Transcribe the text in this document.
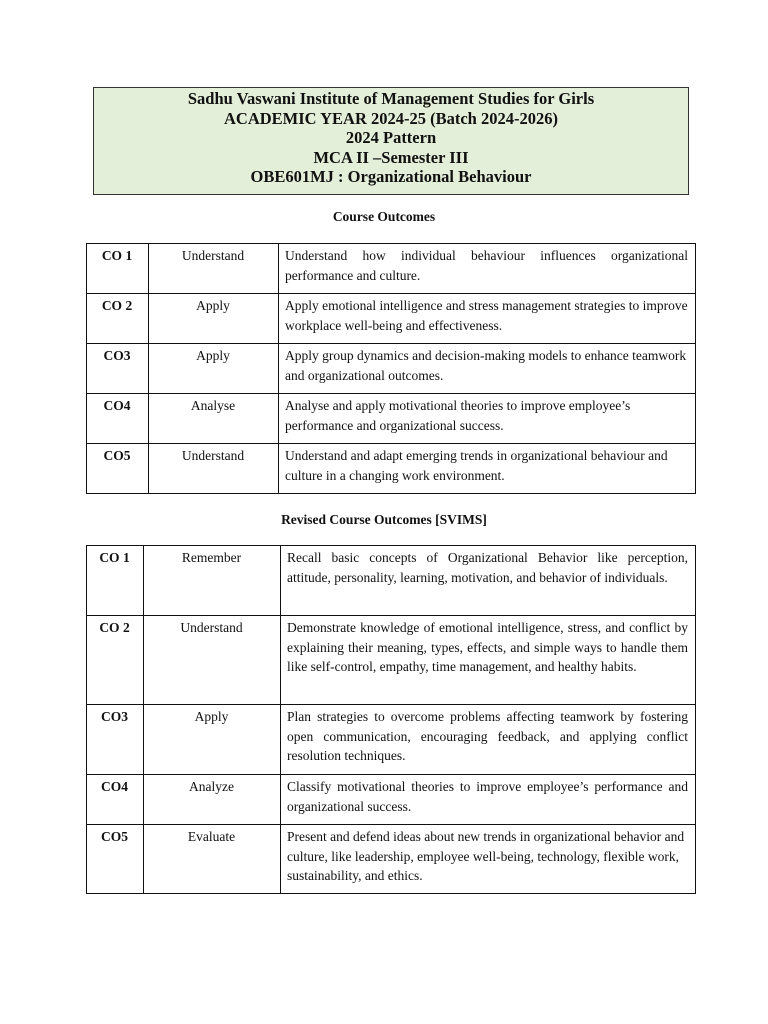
Sadhu Vaswani Institute of Management Studies for Girls
ACADEMIC YEAR 2024-25 (Batch 2024-2026)
2024 Pattern
MCA II –Semester III
OBE601MJ : Organizational Behaviour
Course Outcomes
CO 1	Understand	Understand how individual behaviour influences organizational performance and culture.
CO 2	Apply	Apply emotional intelligence and stress management strategies to improve workplace well-being and effectiveness.
CO3	Apply	Apply group dynamics and decision-making models to enhance teamwork and organizational outcomes.
CO4	Analyse	Analyse and apply motivational theories to improve employee’s performance and organizational success.
CO5	Understand	Understand and adapt emerging trends in organizational behaviour and culture in a changing work environment.
Revised Course Outcomes [SVIMS]
CO 1	Remember	Recall basic concepts of Organizational Behavior like perception, attitude, personality, learning, motivation, and behavior of individuals.
CO 2	Understand	Demonstrate knowledge of emotional intelligence, stress, and conflict by explaining their meaning, types, effects, and simple ways to handle them like self-control, empathy, time management, and healthy habits.
CO3	Apply	Plan strategies to overcome problems affecting teamwork by fostering open communication, encouraging feedback, and applying conflict resolution techniques.
CO4	Analyze	Classify motivational theories to improve employee’s performance and organizational success.
CO5	Evaluate	Present and defend ideas about new trends in organizational behavior and culture, like leadership, employee well-being, technology, flexible work, sustainability, and ethics.
